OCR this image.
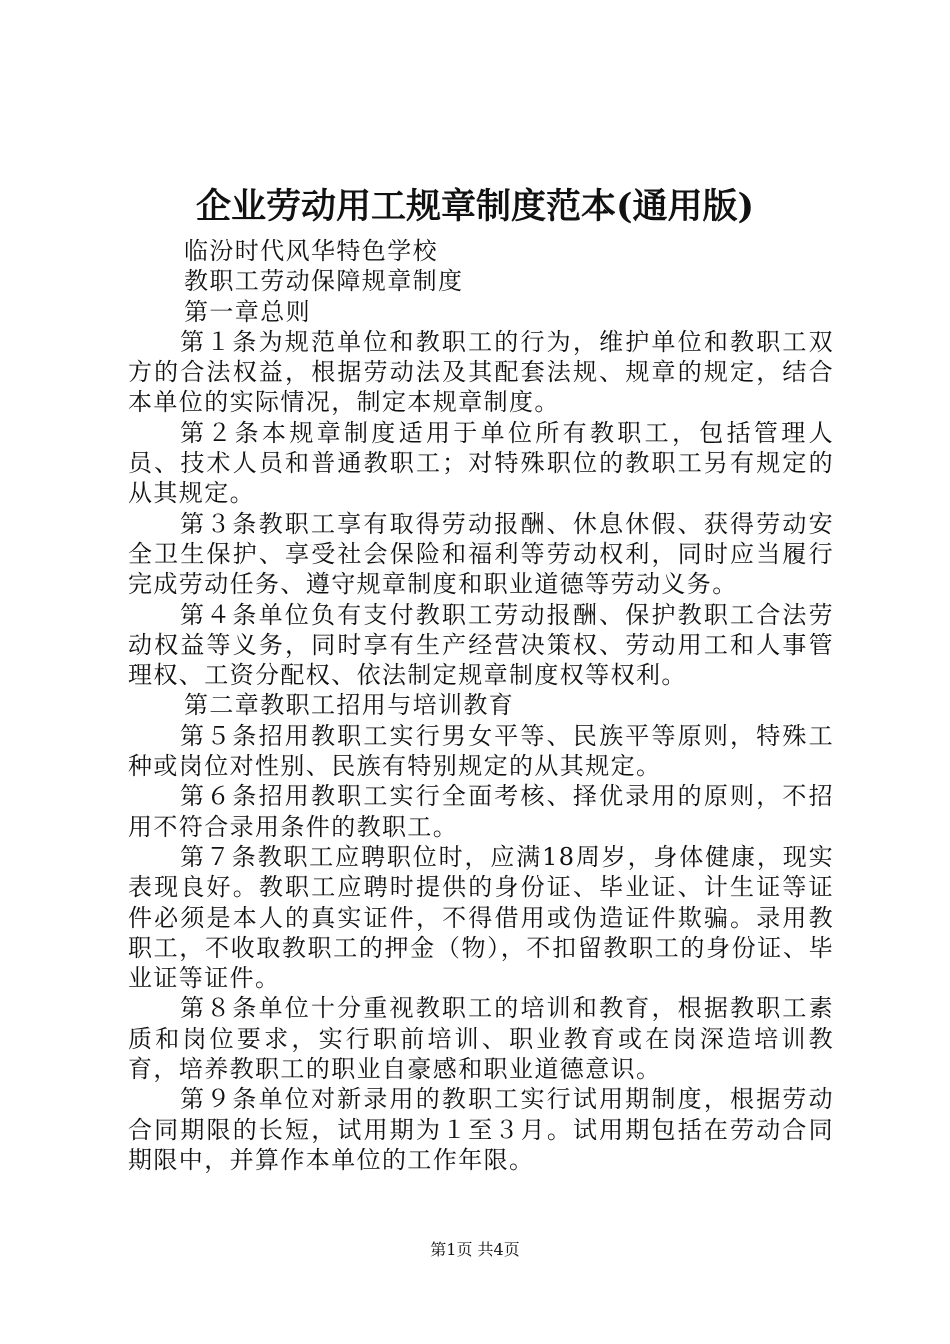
企业劳动用工规章制度范本(通用版)

临汾时代风华特色学校

教职工劳动保障规章制度

第一章总则

第１条为规范单位和教职工的行为，维护单位和教职工双方的合法权益，根据劳动法及其配套法规、规章的规定，结合本单位的实际情况，制定本规章制度。

第２条本规章制度适用于单位所有教职工，包括管理人员、技术人员和普通教职工；对特殊职位的教职工另有规定的从其规定。

第３条教职工享有取得劳动报酬、休息休假、获得劳动安全卫生保护、享受社会保险和福利等劳动权利，同时应当履行完成劳动任务、遵守规章制度和职业道德等劳动义务。

第４条单位负有支付教职工劳动报酬、保护教职工合法劳动权益等义务，同时享有生产经营决策权、劳动用工和人事管理权、工资分配权、依法制定规章制度权等权利。

第二章教职工招用与培训教育

第５条招用教职工实行男女平等、民族平等原则，特殊工种或岗位对性别、民族有特别规定的从其规定。

第６条招用教职工实行全面考核、择优录用的原则，不招用不符合录用条件的教职工。

第７条教职工应聘职位时，应满18周岁，身体健康，现实表现良好。教职工应聘时提供的身份证、毕业证、计生证等证件必须是本人的真实证件，不得借用或伪造证件欺骗。录用教职工，不收取教职工的押金（物），不扣留教职工的身份证、毕业证等证件。

第８条单位十分重视教职工的培训和教育，根据教职工素质和岗位要求，实行职前培训、职业教育或在岗深造培训教育，培养教职工的职业自豪感和职业道德意识。

第９条单位对新录用的教职工实行试用期制度，根据劳动合同期限的长短，试用期为１至３月。试用期包括在劳动合同期限中，并算作本单位的工作年限。

第1页 共4页
